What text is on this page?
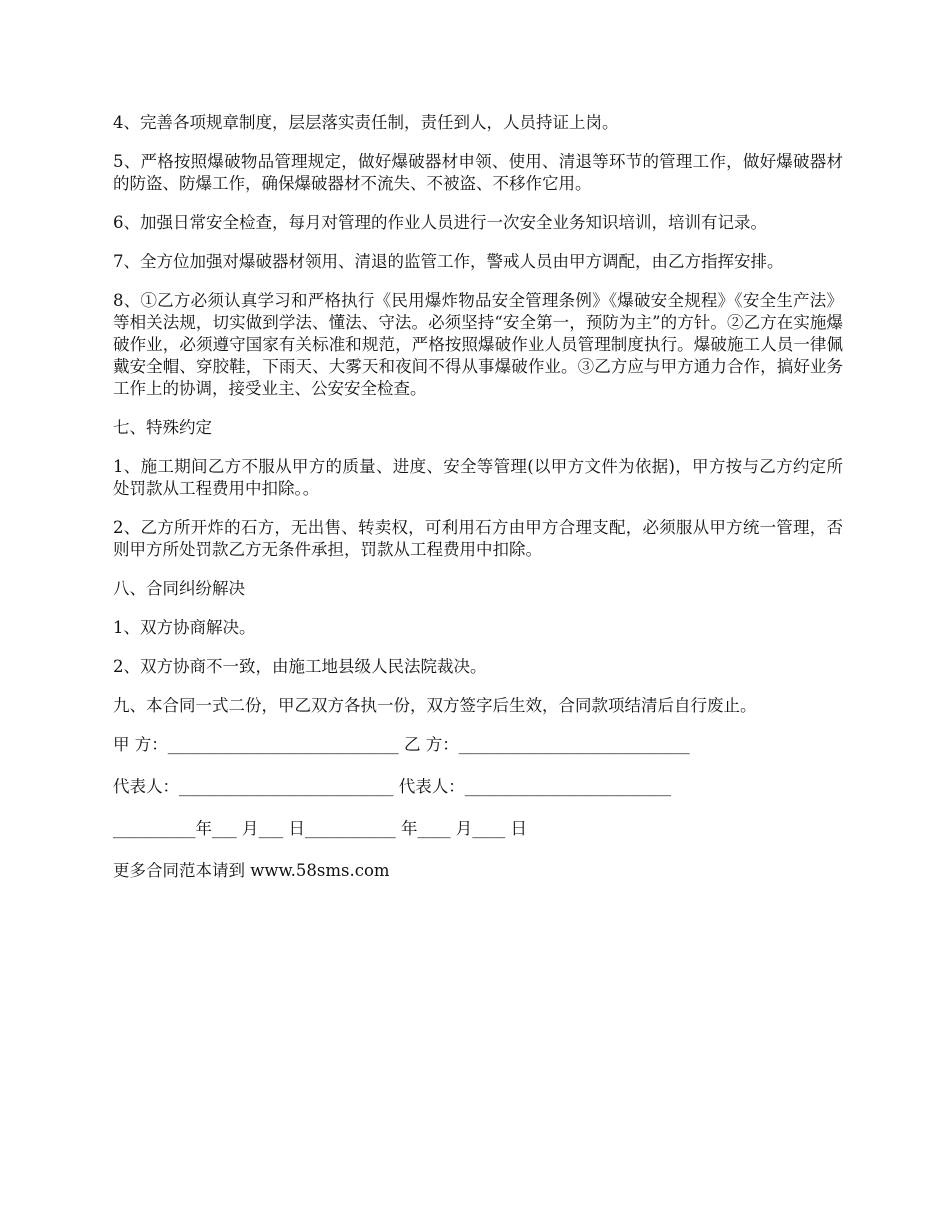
4、完善各项规章制度，层层落实责任制，责任到人，人员持证上岗。

5、严格按照爆破物品管理规定，做好爆破器材申领、使用、清退等环节的管理工作，做好爆破器材的防盗、防爆工作，确保爆破器材不流失、不被盗、不移作它用。

6、加强日常安全检查，每月对管理的作业人员进行一次安全业务知识培训，培训有记录。

7、全方位加强对爆破器材领用、清退的监管工作，警戒人员由甲方调配，由乙方指挥安排。

8、①乙方必须认真学习和严格执行《民用爆炸物品安全管理条例》《爆破安全规程》《安全生产法》等相关法规，切实做到学法、懂法、守法。必须坚持“安全第一，预防为主”的方针。②乙方在实施爆破作业，必须遵守国家有关标准和规范，严格按照爆破作业人员管理制度执行。爆破施工人员一律佩戴安全帽、穿胶鞋，下雨天、大雾天和夜间不得从事爆破作业。③乙方应与甲方通力合作，搞好业务工作上的协调，接受业主、公安安全检查。

七、特殊约定

1、施工期间乙方不服从甲方的质量、进度、安全等管理(以甲方文件为依据)，甲方按与乙方约定所处罚款从工程费用中扣除。。

2、乙方所开炸的石方，无出售、转卖权，可利用石方由甲方合理支配，必须服从甲方统一管理，否则甲方所处罚款乙方无条件承担，罚款从工程费用中扣除。

八、合同纠纷解决

1、双方协商解决。

2、双方协商不一致，由施工地县级人民法院裁决。

九、本合同一式二份，甲乙双方各执一份，双方签字后生效，合同款项结清后自行废止。

甲 方：____________________________ 乙 方：____________________________

代表人：__________________________ 代表人：_________________________

__________年___ 月___ 日___________ 年____ 月____ 日

更多合同范本请到 www.58sms.com
